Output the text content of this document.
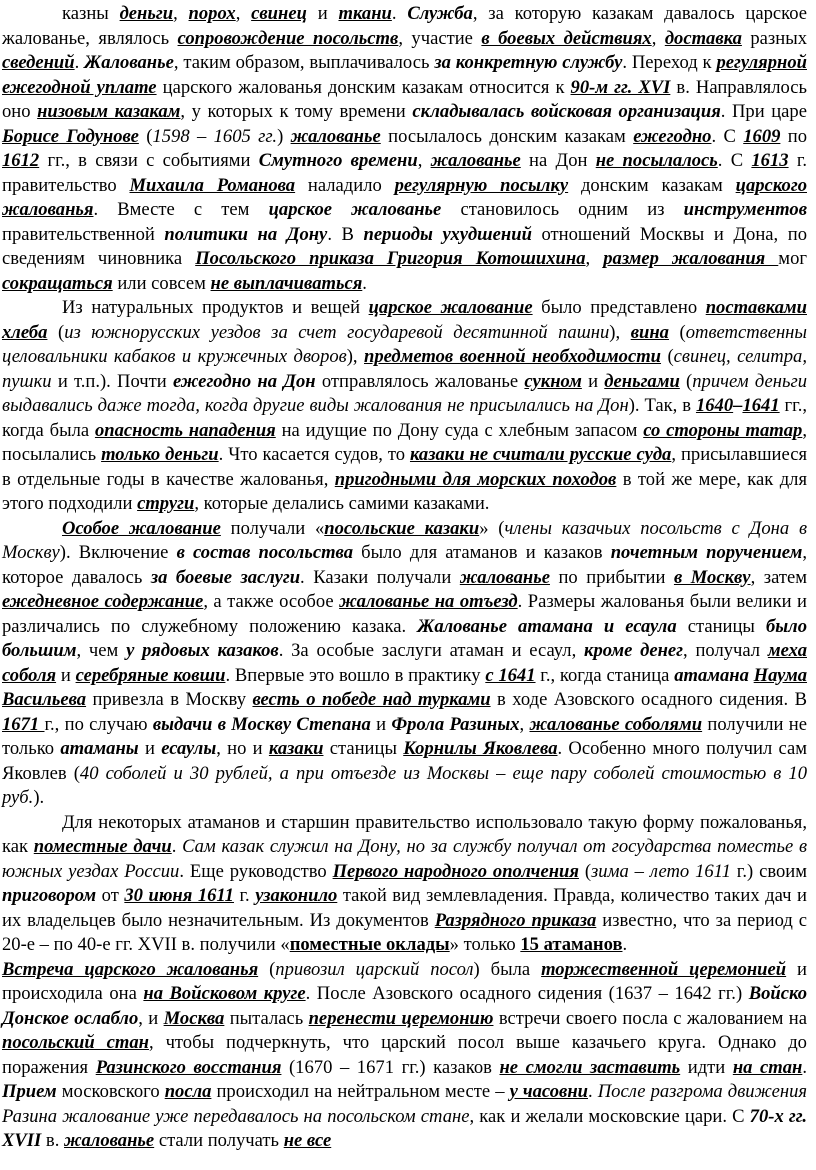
казны деньги, порох, свинец и ткани. Служба, за которую казакам давалось царское жалованье, являлось сопровождение посольств, участие в боевых действиях, доставка разных сведений. Жалованье, таким образом, выплачивалось за конкретную службу. Переход к регулярной ежегодной уплате царского жалованья донским казакам относится к 90-м гг. XVI в. Направлялось оно низовым казакам, у которых к тому времени складывалась войсковая организация. При царе Борисе Годунове (1598 – 1605 гг.) жалованье посылалось донским казакам ежегодно. С 1609 по 1612 гг., в связи с событиями Смутного времени, жалованье на Дон не посылалось. С 1613 г. правительство Михаила Романова наладило регулярную посылку донским казакам царского жалованья. Вместе с тем царское жалованье становилось одним из инструментов правительственной политики на Дону. В периоды ухудшений отношений Москвы и Дона, по сведениям чиновника Посольского приказа Григория Котошихина, размер жалования мог сокращаться или совсем не выплачиваться.

Из натуральных продуктов и вещей царское жалование было представлено поставками хлеба (из южнорусских уездов за счет государевой десятинной пашни), вина (ответственны целовальники кабаков и кружечных дворов), предметов военной необходимости (свинец, селитра, пушки и т.п.). Почти ежегодно на Дон отправлялось жалованье сукном и деньгами (причем деньги выдавались даже тогда, когда другие виды жалования не присылались на Дон). Так, в 1640–1641 гг., когда была опасность нападения на идущие по Дону суда с хлебным запасом со стороны татар, посылались только деньги. Что касается судов, то казаки не считали русские суда, присылавшиеся в отдельные годы в качестве жалованья, пригодными для морских походов в той же мере, как для этого подходили струги, которые делались самими казаками.

Особое жалование получали «посольские казаки» (члены казачьих посольств с Дона в Москву). Включение в состав посольства было для атаманов и казаков почетным поручением, которое давалось за боевые заслуги. Казаки получали жалованье по прибытии в Москву, затем ежедневное содержание, а также особое жалованье на отъезд. Размеры жалованья были велики и различались по служебному положению казака. Жалованье атамана и есаула станицы было большим, чем у рядовых казаков. За особые заслуги атаман и есаул, кроме денег, получал меха соболя и серебряные ковши. Впервые это вошло в практику с 1641 г., когда станица атамана Наума Васильева привезла в Москву весть о победе над турками в ходе Азовского осадного сидения. В 1671 г., по случаю выдачи в Москву Степана и Фрола Разиных, жалованье соболями получили не только атаманы и есаулы, но и казаки станицы Корнилы Яковлева. Особенно много получил сам Яковлев (40 соболей и 30 рублей, а при отъезде из Москвы – еще пару соболей стоимостью в 10 руб.).

Для некоторых атаманов и старшин правительство использовало такую форму пожалованья, как поместные дачи. Сам казак служил на Дону, но за службу получал от государства поместье в южных уездах России. Еще руководство Первого народного ополчения (зима – лето 1611 г.) своим приговором от 30 июня 1611 г. узаконило такой вид землевладения. Правда, количество таких дач и их владельцев было незначительным. Из документов Разрядного приказа известно, что за период с 20-е – по 40-е гг. XVII в. получили «поместные оклады» только 15 атаманов.

Встреча царского жалованья (привозил царский посол) была торжественной церемонией и происходила она на Войсковом круге. После Азовского осадного сидения (1637 – 1642 гг.) Войско Донское ослабло, и Москва пыталась перенести церемонию встречи своего посла с жалованием на посольский стан, чтобы подчеркнуть, что царский посол выше казачьего круга. Однако до поражения Разинского восстания (1670 – 1671 гг.) казаков не смогли заставить идти на стан. Прием московского посла происходил на нейтральном месте – у часовни. После разгрома движения Разина жалование уже передавалось на посольском стане, как и желали московские цари. С 70-х гг. XVII в. жалованье стали получать не все
